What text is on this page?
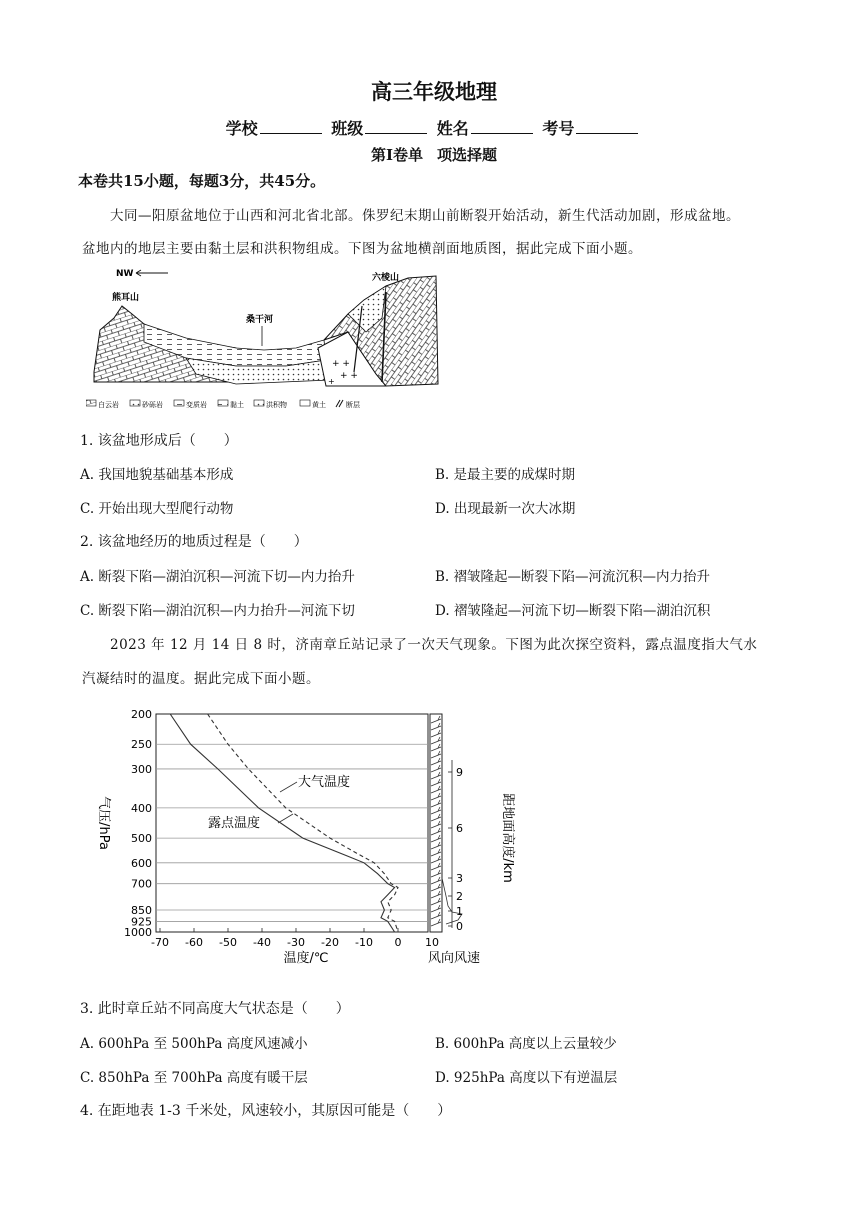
高三年级地理
学校	班级	姓名	考号
第I卷单 项选择题
本卷共15小题，每题3分，共45分。
大同—阳原盆地位于山西和河北省北部。侏罗纪末期山前断裂开始活动，新生代活动加剧，形成盆地。
盆地内的地层主要由黏土层和洪积物组成。下图为盆地横剖面地质图，据此完成下面小题。
NW
熊耳山
六棱山
桑干河
+ +
+ +
+
白云岩	砂砾岩	变质岩	黏土	洪积物	黄土	断层
1. 该盆地形成后（　　）
A. 我国地貌基础基本形成	B. 是最主要的成煤时期
C. 开始出现大型爬行动物	D. 出现最新一次大冰期
2. 该盆地经历的地质过程是（　　）
A. 断裂下陷—湖泊沉积—河流下切—内力抬升	B. 褶皱隆起—断裂下陷—河流沉积—内力抬升
C. 断裂下陷—湖泊沉积—内力抬升—河流下切	D. 褶皱隆起—河流下切—断裂下陷—湖泊沉积
2023 年 12 月 14 日 8 时，济南章丘站记录了一次天气现象。下图为此次探空资料，露点温度指大气水
汽凝结时的温度。据此完成下面小题。
200
250
300
400
500
600
700
850
925
1000
-70 -60 -50 -40 -30 -20 -10 0 10
0
1
2
3
6
9
大气温度
露点温度
温度/℃	风向风速
气压/hPa	距地面高度/km
3. 此时章丘站不同高度大气状态是（　　）
A. 600hPa 至 500hPa 高度风速减小	B. 600hPa 高度以上云量较少
C. 850hPa 至 700hPa 高度有暖干层	D. 925hPa 高度以下有逆温层
4. 在距地表 1-3 千米处，风速较小，其原因可能是（　　）
